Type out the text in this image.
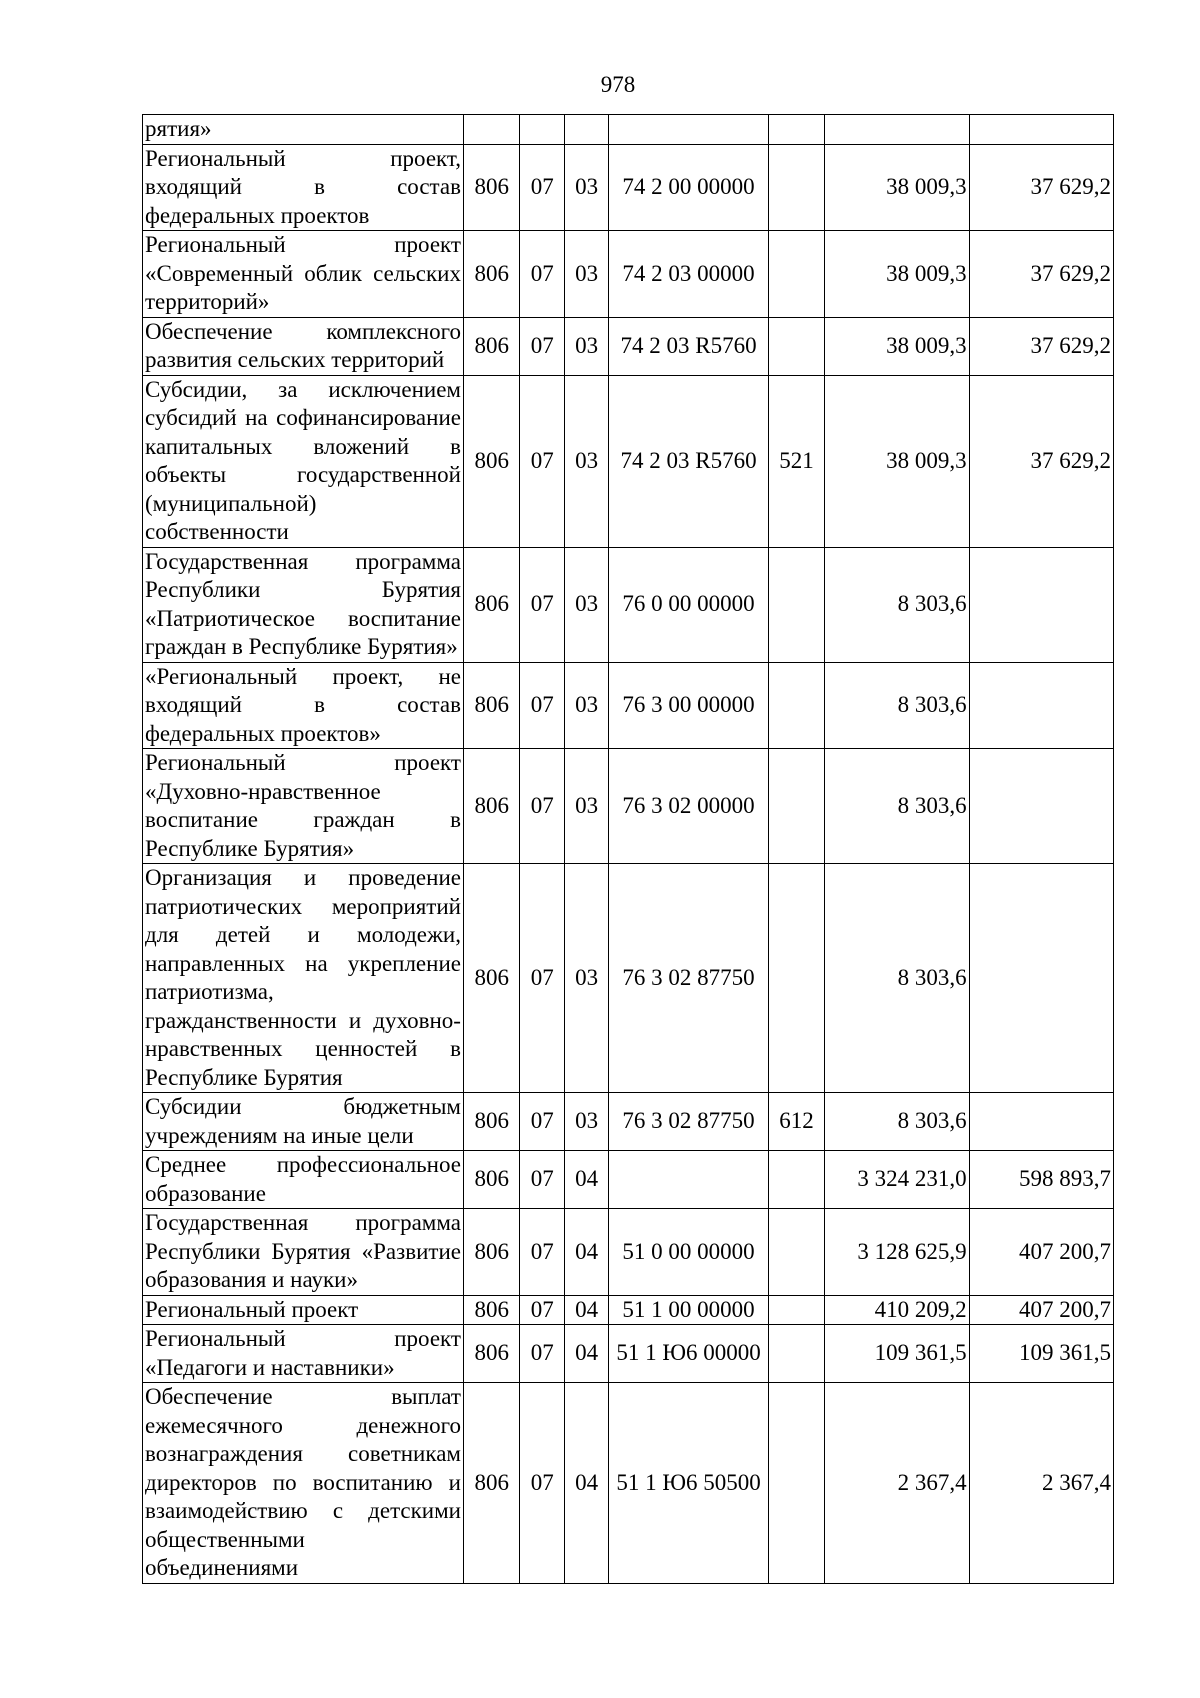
978
рятия»							
Региональный проект, входящий в состав федеральных проектов	806	07	03	74 2 00 00000		38 009,3	37 629,2
Региональный проект «Современный облик сельских территорий»	806	07	03	74 2 03 00000		38 009,3	37 629,2
Обеспечение комплексного развития сельских территорий	806	07	03	74 2 03 R5760		38 009,3	37 629,2
Субсидии, за исключением субсидий на софинансирование капитальных вложений в объекты государственной (муниципальной) собственности	806	07	03	74 2 03 R5760	521	38 009,3	37 629,2
Государственная программа Республики Бурятия «Патриотическое воспитание граждан в Республике Бурятия»	806	07	03	76 0 00 00000		8 303,6	
«Региональный проект, не входящий в состав федеральных проектов»	806	07	03	76 3 00 00000		8 303,6	
Региональный проект «Духовно-нравственное воспитание граждан в Республике Бурятия»	806	07	03	76 3 02 00000		8 303,6	
Организация и проведение патриотических мероприятий для детей и молодежи, направленных на укрепление патриотизма, гражданственности и духовно-нравственных ценностей в Республике Бурятия	806	07	03	76 3 02 87750		8 303,6	
Субсидии бюджетным учреждениям на иные цели	806	07	03	76 3 02 87750	612	8 303,6	
Среднее профессиональное образование	806	07	04			3 324 231,0	598 893,7
Государственная программа Республики Бурятия «Развитие образования и науки»	806	07	04	51 0 00 00000		3 128 625,9	407 200,7
Региональный проект	806	07	04	51 1 00 00000		410 209,2	407 200,7
Региональный проект «Педагоги и наставники»	806	07	04	51 1 Ю6 00000		109 361,5	109 361,5
Обеспечение выплат ежемесячного денежного вознаграждения советникам директоров по воспитанию и взаимодействию с детскими общественными объединениями	806	07	04	51 1 Ю6 50500		2 367,4	2 367,4
